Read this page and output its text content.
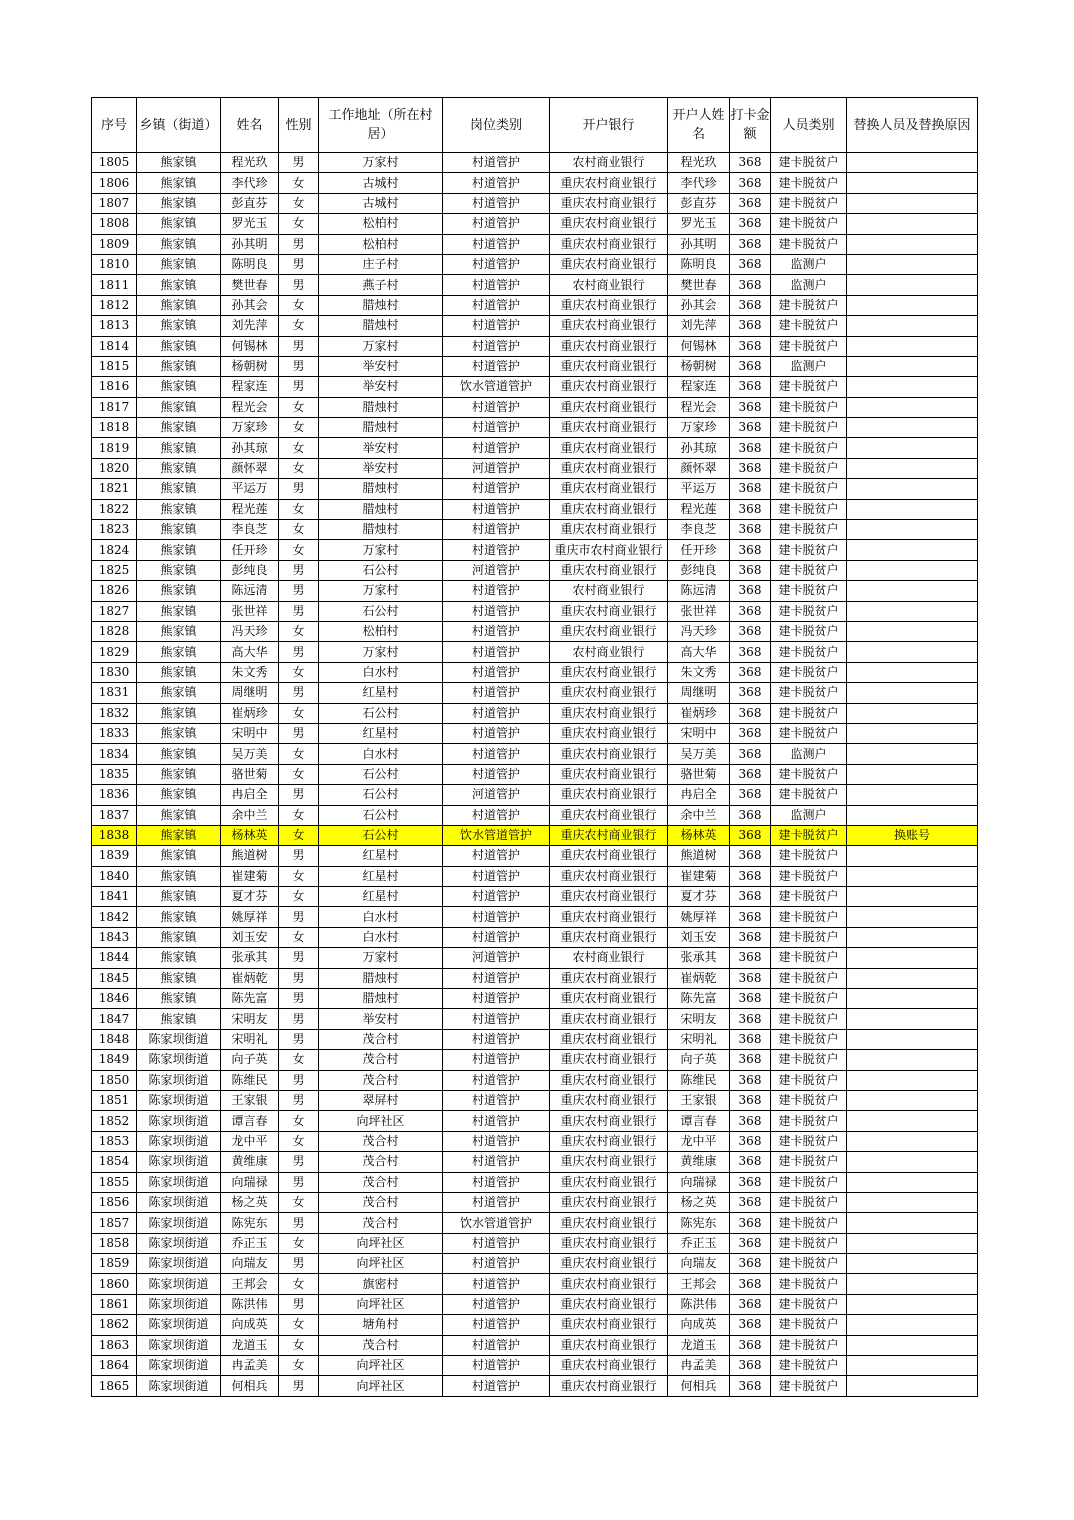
序号	乡镇（街道）	姓名	性别	工作地址（所在村居）	岗位类别	开户银行	开户人姓名	打卡金额	人员类别	替换人员及替换原因
1805	熊家镇	程光玖	男	万家村	村道管护	农村商业银行	程光玖	368	建卡脱贫户	
1806	熊家镇	李代珍	女	古城村	村道管护	重庆农村商业银行	李代珍	368	建卡脱贫户	
1807	熊家镇	彭直芬	女	古城村	村道管护	重庆农村商业银行	彭直芬	368	建卡脱贫户	
1808	熊家镇	罗光玉	女	松柏村	村道管护	重庆农村商业银行	罗光玉	368	建卡脱贫户	
1809	熊家镇	孙其明	男	松柏村	村道管护	重庆农村商业银行	孙其明	368	建卡脱贫户	
1810	熊家镇	陈明良	男	庄子村	村道管护	重庆农村商业银行	陈明良	368	监测户	
1811	熊家镇	樊世春	男	燕子村	村道管护	农村商业银行	樊世春	368	监测户	
1812	熊家镇	孙其会	女	腊烛村	村道管护	重庆农村商业银行	孙其会	368	建卡脱贫户	
1813	熊家镇	刘先萍	女	腊烛村	村道管护	重庆农村商业银行	刘先萍	368	建卡脱贫户	
1814	熊家镇	何锡林	男	万家村	村道管护	重庆农村商业银行	何锡林	368	建卡脱贫户	
1815	熊家镇	杨朝树	男	举安村	村道管护	重庆农村商业银行	杨朝树	368	监测户	
1816	熊家镇	程家连	男	举安村	饮水管道管护	重庆农村商业银行	程家连	368	建卡脱贫户	
1817	熊家镇	程光会	女	腊烛村	村道管护	重庆农村商业银行	程光会	368	建卡脱贫户	
1818	熊家镇	万家珍	女	腊烛村	村道管护	重庆农村商业银行	万家珍	368	建卡脱贫户	
1819	熊家镇	孙其琼	女	举安村	村道管护	重庆农村商业银行	孙其琼	368	建卡脱贫户	
1820	熊家镇	颜怀翠	女	举安村	河道管护	重庆农村商业银行	颜怀翠	368	建卡脱贫户	
1821	熊家镇	平运万	男	腊烛村	村道管护	重庆农村商业银行	平运万	368	建卡脱贫户	
1822	熊家镇	程光莲	女	腊烛村	村道管护	重庆农村商业银行	程光莲	368	建卡脱贫户	
1823	熊家镇	李良芝	女	腊烛村	村道管护	重庆农村商业银行	李良芝	368	建卡脱贫户	
1824	熊家镇	任开珍	女	万家村	村道管护	重庆市农村商业银行	任开珍	368	建卡脱贫户	
1825	熊家镇	彭纯良	男	石公村	河道管护	重庆农村商业银行	彭纯良	368	建卡脱贫户	
1826	熊家镇	陈远清	男	万家村	村道管护	农村商业银行	陈远清	368	建卡脱贫户	
1827	熊家镇	张世祥	男	石公村	村道管护	重庆农村商业银行	张世祥	368	建卡脱贫户	
1828	熊家镇	冯天珍	女	松柏村	村道管护	重庆农村商业银行	冯天珍	368	建卡脱贫户	
1829	熊家镇	高大华	男	万家村	村道管护	农村商业银行	高大华	368	建卡脱贫户	
1830	熊家镇	朱文秀	女	白水村	村道管护	重庆农村商业银行	朱文秀	368	建卡脱贫户	
1831	熊家镇	周继明	男	红星村	村道管护	重庆农村商业银行	周继明	368	建卡脱贫户	
1832	熊家镇	崔炳珍	女	石公村	村道管护	重庆农村商业银行	崔炳珍	368	建卡脱贫户	
1833	熊家镇	宋明中	男	红星村	村道管护	重庆农村商业银行	宋明中	368	建卡脱贫户	
1834	熊家镇	吴万美	女	白水村	村道管护	重庆农村商业银行	吴万美	368	监测户	
1835	熊家镇	骆世菊	女	石公村	村道管护	重庆农村商业银行	骆世菊	368	建卡脱贫户	
1836	熊家镇	冉启全	男	石公村	河道管护	重庆农村商业银行	冉启全	368	建卡脱贫户	
1837	熊家镇	余中兰	女	石公村	村道管护	重庆农村商业银行	余中兰	368	监测户	
1838	熊家镇	杨林英	女	石公村	饮水管道管护	重庆农村商业银行	杨林英	368	建卡脱贫户	换账号
1839	熊家镇	熊道树	男	红星村	村道管护	重庆农村商业银行	熊道树	368	建卡脱贫户	
1840	熊家镇	崔建菊	女	红星村	村道管护	重庆农村商业银行	崔建菊	368	建卡脱贫户	
1841	熊家镇	夏才芬	女	红星村	村道管护	重庆农村商业银行	夏才芬	368	建卡脱贫户	
1842	熊家镇	姚厚祥	男	白水村	村道管护	重庆农村商业银行	姚厚祥	368	建卡脱贫户	
1843	熊家镇	刘玉安	女	白水村	村道管护	重庆农村商业银行	刘玉安	368	建卡脱贫户	
1844	熊家镇	张承其	男	万家村	河道管护	农村商业银行	张承其	368	建卡脱贫户	
1845	熊家镇	崔炳乾	男	腊烛村	村道管护	重庆农村商业银行	崔炳乾	368	建卡脱贫户	
1846	熊家镇	陈先富	男	腊烛村	村道管护	重庆农村商业银行	陈先富	368	建卡脱贫户	
1847	熊家镇	宋明友	男	举安村	村道管护	重庆农村商业银行	宋明友	368	建卡脱贫户	
1848	陈家坝街道	宋明礼	男	茂合村	村道管护	重庆农村商业银行	宋明礼	368	建卡脱贫户	
1849	陈家坝街道	向子英	女	茂合村	村道管护	重庆农村商业银行	向子英	368	建卡脱贫户	
1850	陈家坝街道	陈维民	男	茂合村	村道管护	重庆农村商业银行	陈维民	368	建卡脱贫户	
1851	陈家坝街道	王家银	男	翠屏村	村道管护	重庆农村商业银行	王家银	368	建卡脱贫户	
1852	陈家坝街道	谭言春	女	向坪社区	村道管护	重庆农村商业银行	谭言春	368	建卡脱贫户	
1853	陈家坝街道	龙中平	女	茂合村	村道管护	重庆农村商业银行	龙中平	368	建卡脱贫户	
1854	陈家坝街道	黄维康	男	茂合村	村道管护	重庆农村商业银行	黄维康	368	建卡脱贫户	
1855	陈家坝街道	向瑞禄	男	茂合村	村道管护	重庆农村商业银行	向瑞禄	368	建卡脱贫户	
1856	陈家坝街道	杨之英	女	茂合村	村道管护	重庆农村商业银行	杨之英	368	建卡脱贫户	
1857	陈家坝街道	陈宪东	男	茂合村	饮水管道管护	重庆农村商业银行	陈宪东	368	建卡脱贫户	
1858	陈家坝街道	乔正玉	女	向坪社区	村道管护	重庆农村商业银行	乔正玉	368	建卡脱贫户	
1859	陈家坝街道	向瑞友	男	向坪社区	村道管护	重庆农村商业银行	向瑞友	368	建卡脱贫户	
1860	陈家坝街道	王邦会	女	旗密村	村道管护	重庆农村商业银行	王邦会	368	建卡脱贫户	
1861	陈家坝街道	陈洪伟	男	向坪社区	村道管护	重庆农村商业银行	陈洪伟	368	建卡脱贫户	
1862	陈家坝街道	向成英	女	塘角村	村道管护	重庆农村商业银行	向成英	368	建卡脱贫户	
1863	陈家坝街道	龙道玉	女	茂合村	村道管护	重庆农村商业银行	龙道玉	368	建卡脱贫户	
1864	陈家坝街道	冉孟美	女	向坪社区	村道管护	重庆农村商业银行	冉孟美	368	建卡脱贫户	
1865	陈家坝街道	何相兵	男	向坪社区	村道管护	重庆农村商业银行	何相兵	368	建卡脱贫户	
